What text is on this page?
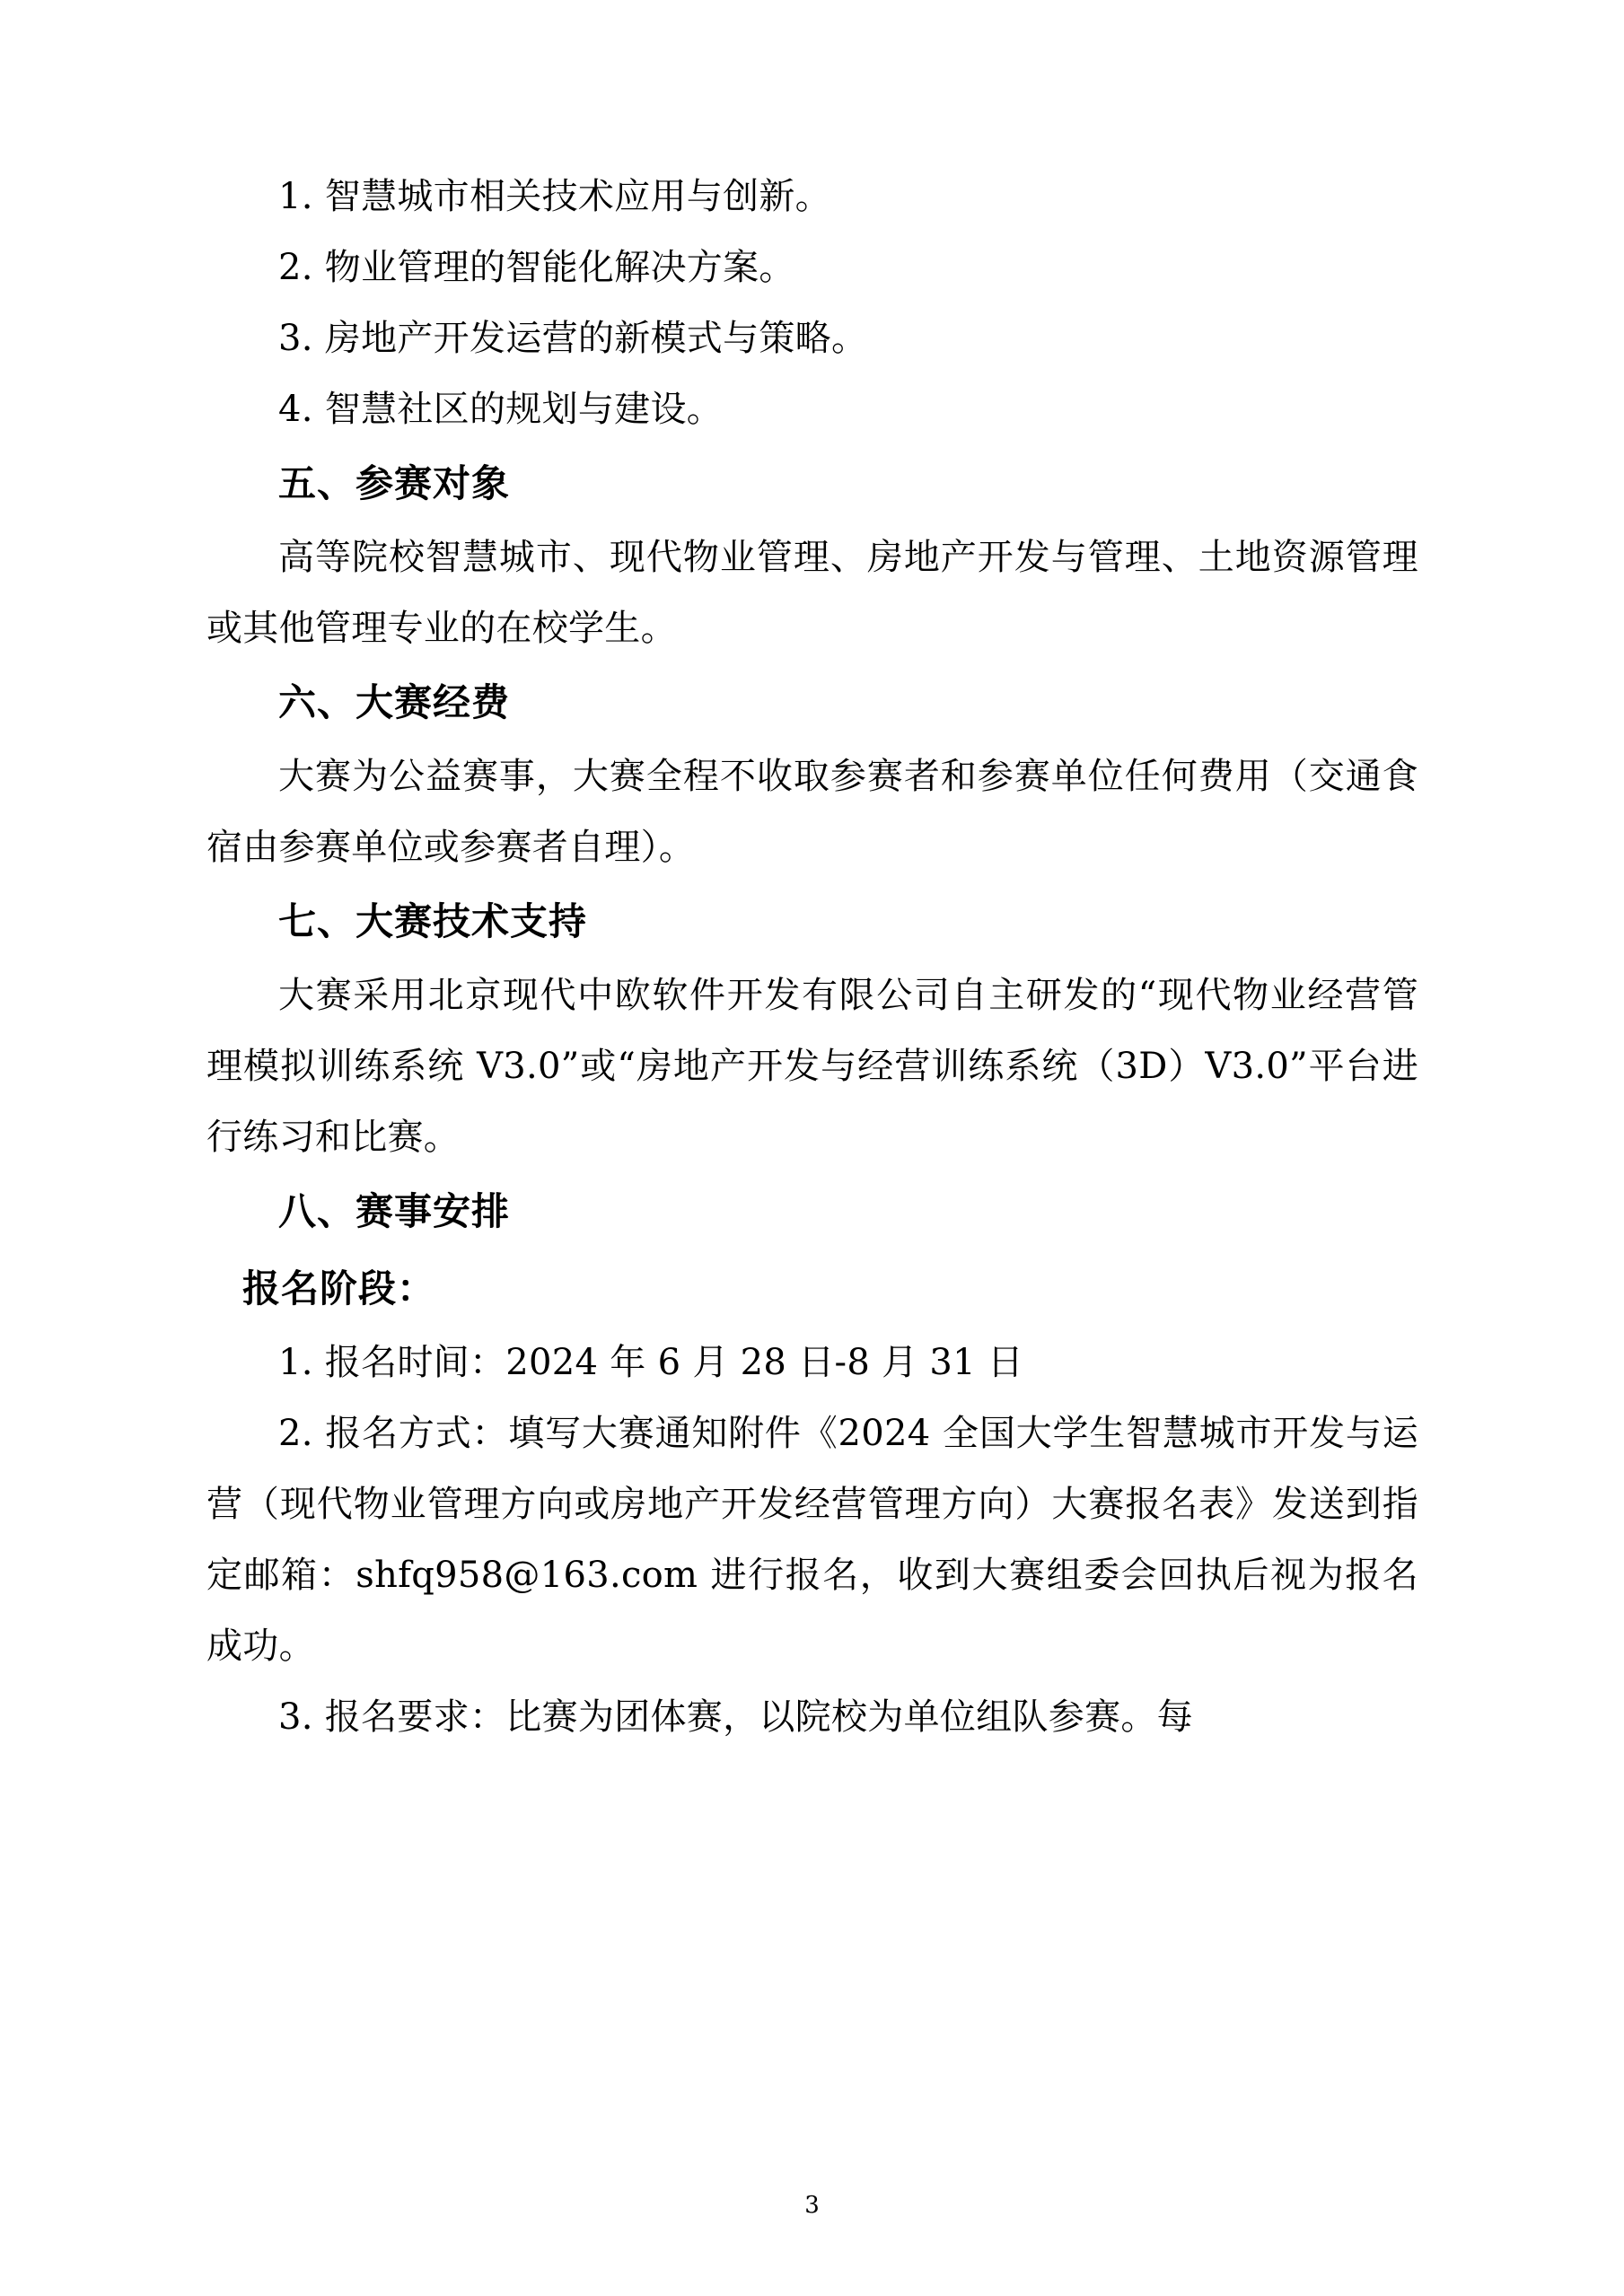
1. 智慧城市相关技术应用与创新。
2. 物业管理的智能化解决方案。
3. 房地产开发运营的新模式与策略。
4. 智慧社区的规划与建设。
五、参赛对象
高等院校智慧城市、现代物业管理、房地产开发与管理、土地资源管理或其他管理专业的在校学生。
六、大赛经费
大赛为公益赛事，大赛全程不收取参赛者和参赛单位任何费用（交通食宿由参赛单位或参赛者自理）。
七、大赛技术支持
大赛采用北京现代中欧软件开发有限公司自主研发的“现代物业经营管理模拟训练系统 V3.0”或“房地产开发与经营训练系统（3D）V3.0”平台进行练习和比赛。
八、赛事安排
报名阶段：
1. 报名时间：2024 年 6 月 28 日-8 月 31 日
2. 报名方式：填写大赛通知附件《2024 全国大学生智慧城市开发与运营（现代物业管理方向或房地产开发经营管理方向）大赛报名表》发送到指定邮箱：shfq958@163.com 进行报名，收到大赛组委会回执后视为报名成功。
3. 报名要求：比赛为团体赛，以院校为单位组队参赛。每
3
